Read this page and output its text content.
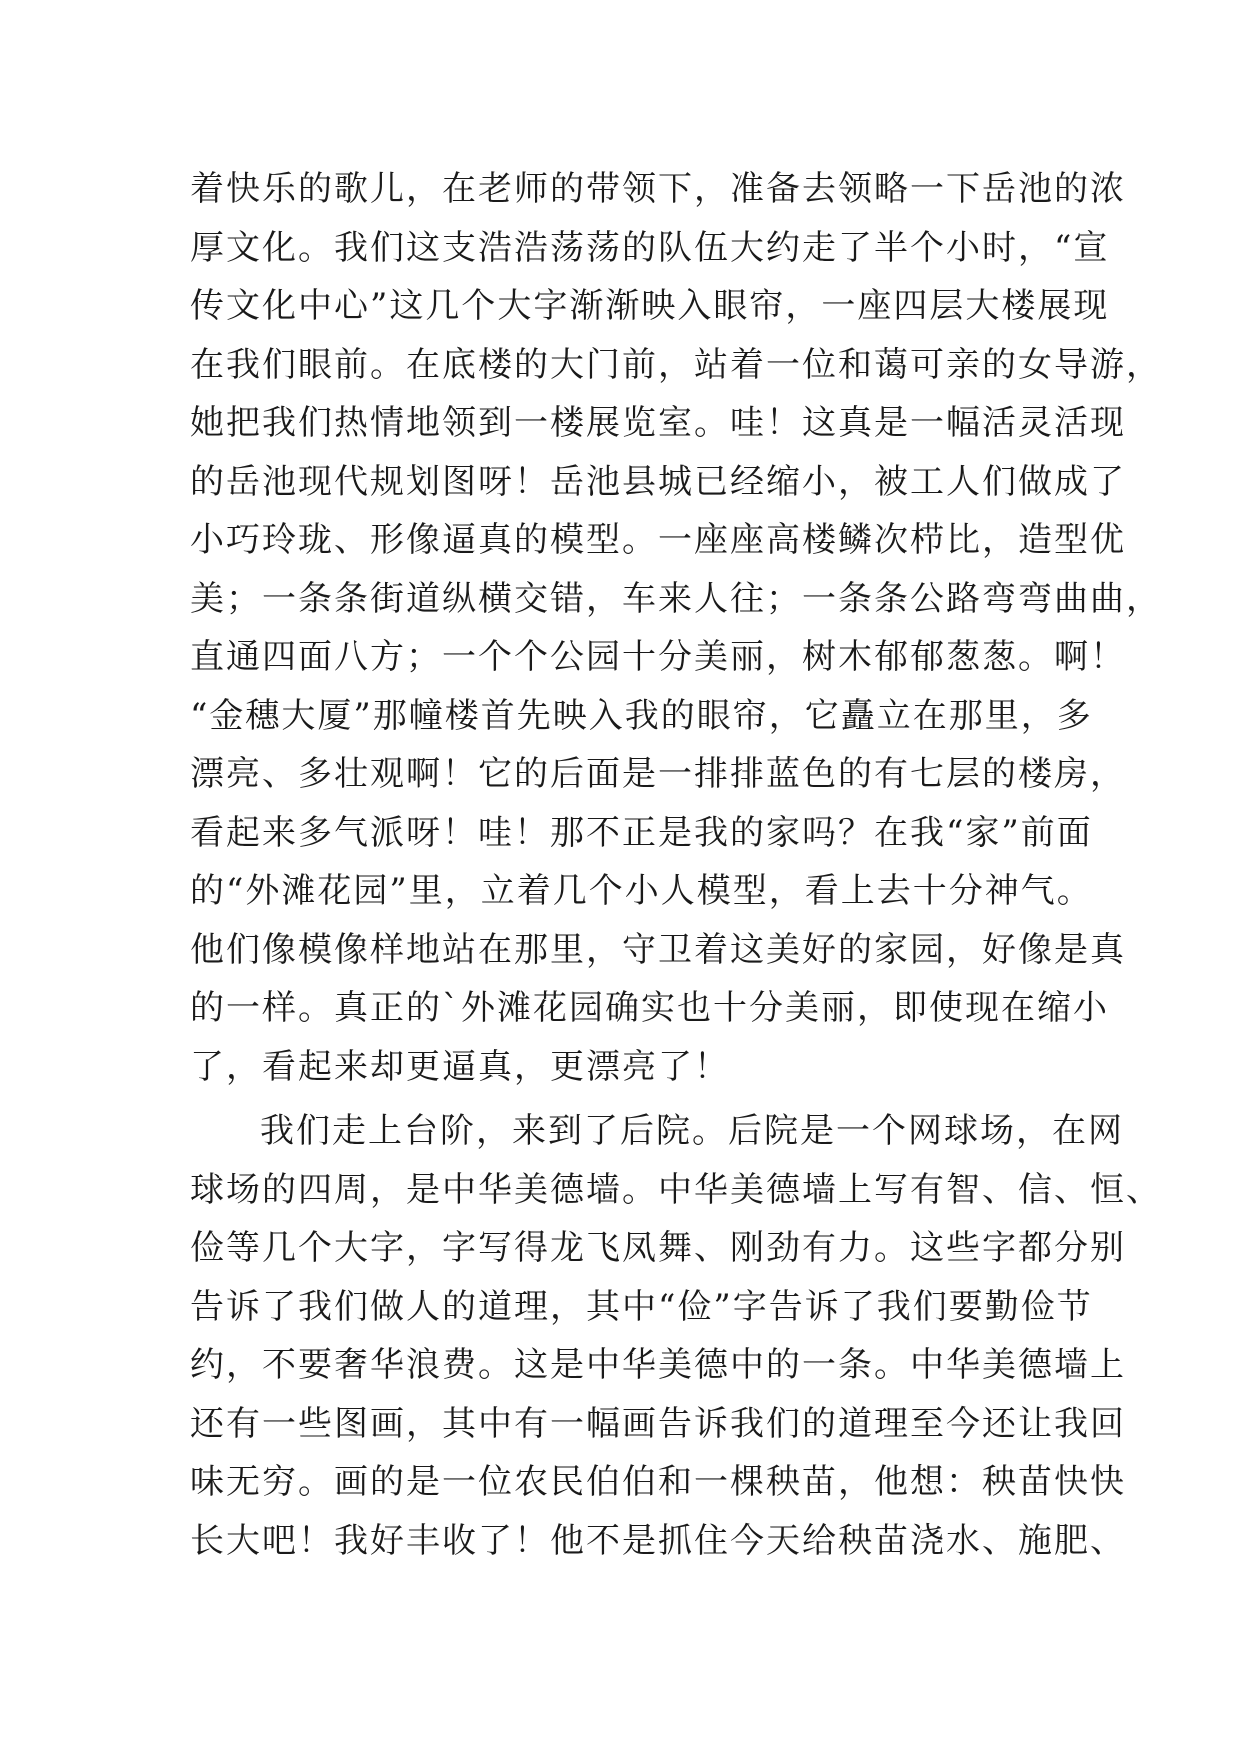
着快乐的歌儿，在老师的带领下，准备去领略一下岳池的浓
厚文化。我们这支浩浩荡荡的队伍大约走了半个小时，“宣
传文化中心”这几个大字渐渐映入眼帘，一座四层大楼展现
在我们眼前。在底楼的大门前，站着一位和蔼可亲的女导游，
她把我们热情地领到一楼展览室。哇！这真是一幅活灵活现
的岳池现代规划图呀！岳池县城已经缩小，被工人们做成了
小巧玲珑、形像逼真的模型。一座座高楼鳞次栉比，造型优
美；一条条街道纵横交错，车来人往；一条条公路弯弯曲曲，
直通四面八方；一个个公园十分美丽，树木郁郁葱葱。啊！
“金穗大厦”那幢楼首先映入我的眼帘，它矗立在那里，多
漂亮、多壮观啊！它的后面是一排排蓝色的有七层的楼房，
看起来多气派呀！哇！那不正是我的家吗？在我“家”前面
的“外滩花园”里，立着几个小人模型，看上去十分神气。
他们像模像样地站在那里，守卫着这美好的家园，好像是真
的一样。真正的`外滩花园确实也十分美丽，即使现在缩小
了，看起来却更逼真，更漂亮了！
我们走上台阶，来到了后院。后院是一个网球场，在网
球场的四周，是中华美德墙。中华美德墙上写有智、信、恒、
俭等几个大字，字写得龙飞凤舞、刚劲有力。这些字都分别
告诉了我们做人的道理，其中“俭”字告诉了我们要勤俭节
约，不要奢华浪费。这是中华美德中的一条。中华美德墙上
还有一些图画，其中有一幅画告诉我们的道理至今还让我回
味无穷。画的是一位农民伯伯和一棵秧苗，他想：秧苗快快
长大吧！我好丰收了！他不是抓住今天给秧苗浇水、施肥、
